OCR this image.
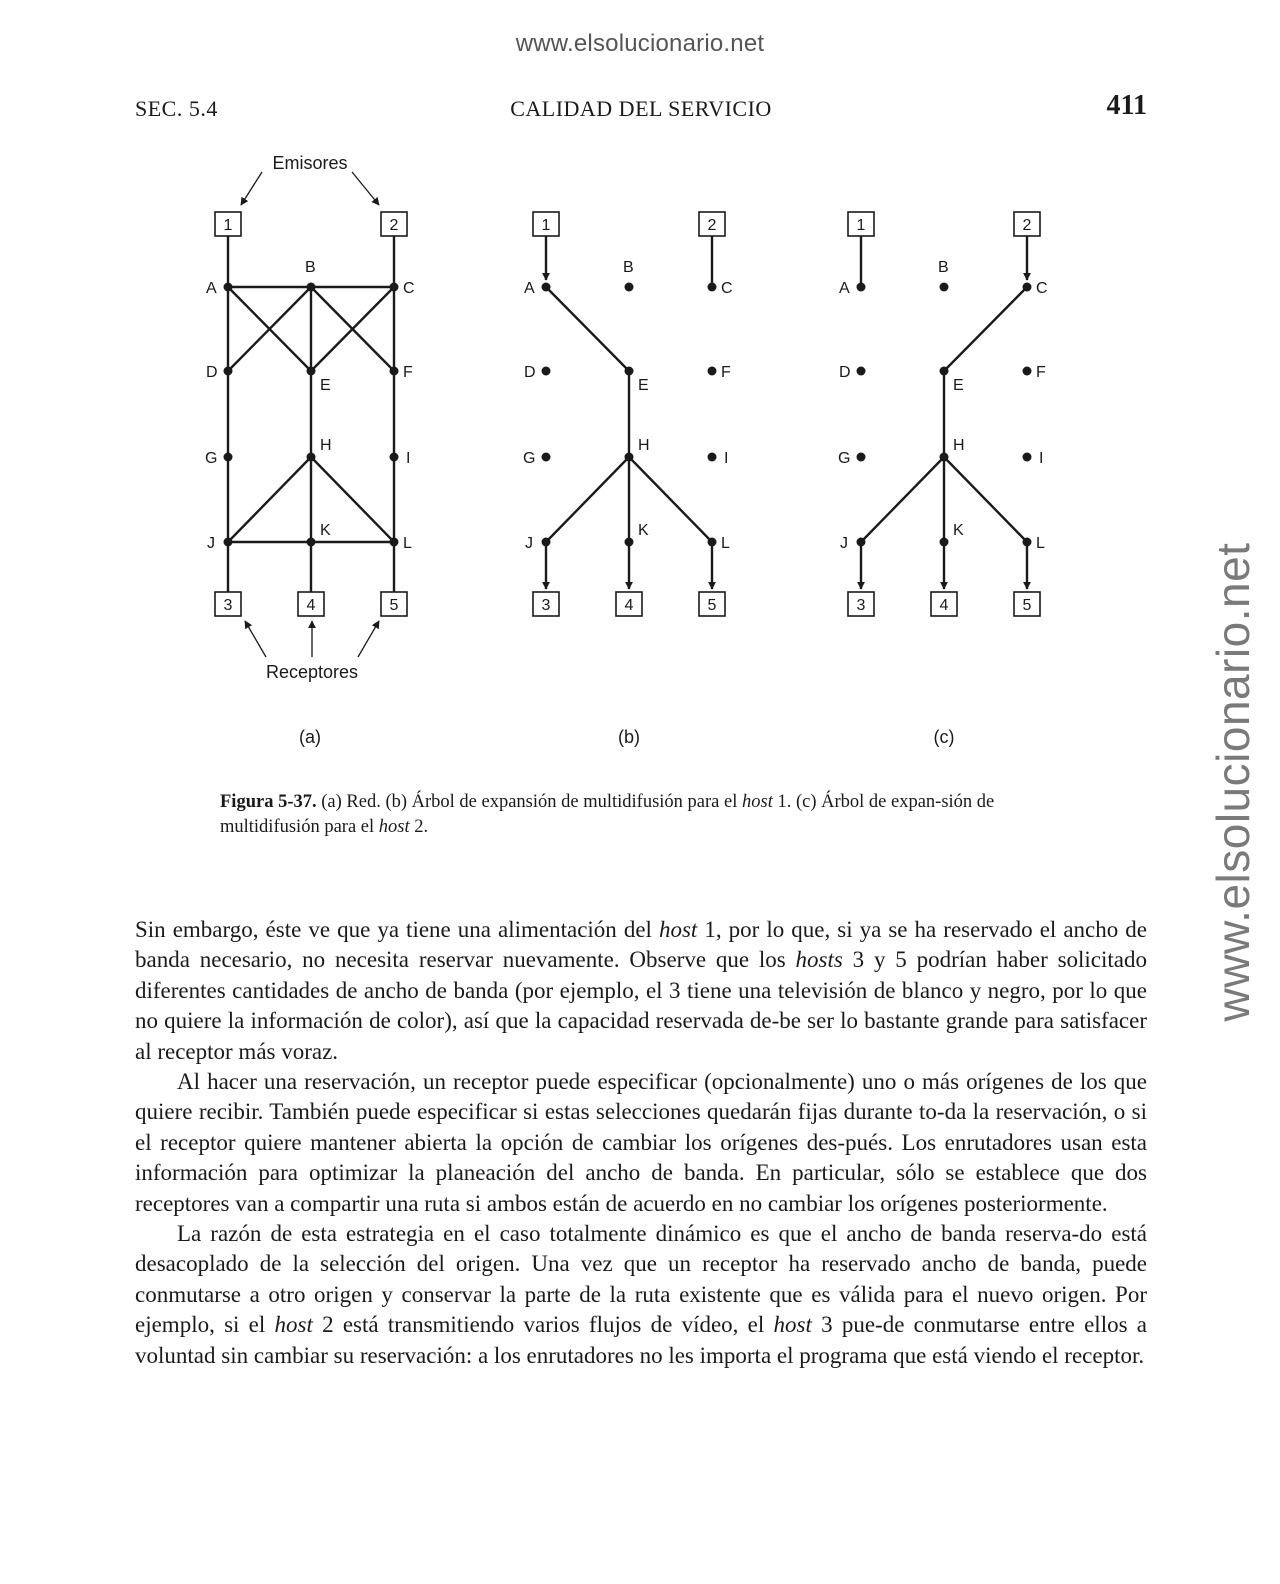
www.elsolucionario.net
www.elsolucionario.net
SEC. 5.4	CALIDAD DEL SERVICIO	411
1	2
3	4	5
A
B
C
D
E
F
G
H
I
J
K
L
Emisores
Receptores
(a)
1	2
3	4	5
A
B
C
D
E
F
G
H
I
J
K
L
(b)
1	2
3	4	5
A
B
C
D
E
F
G
H
I
J
K
L
(c)
Figura 5-37. (a) Red. (b) Árbol de expansión de multidifusión para el host 1. (c) Árbol de expan-sión de multidifusión para el host 2.

Sin embargo, éste ve que ya tiene una alimentación del host 1, por lo que, si ya se ha reservado el ancho de banda necesario, no necesita reservar nuevamente. Observe que los hosts 3 y 5 podrían haber solicitado diferentes cantidades de ancho de banda (por ejemplo, el 3 tiene una televisión de blanco y negro, por lo que no quiere la información de color), así que la capacidad reservada de-be ser lo bastante grande para satisfacer al receptor más voraz.

Al hacer una reservación, un receptor puede especificar (opcionalmente) uno o más orígenes de los que quiere recibir. También puede especificar si estas selecciones quedarán fijas durante to-da la reservación, o si el receptor quiere mantener abierta la opción de cambiar los orígenes des-pués. Los enrutadores usan esta información para optimizar la planeación del ancho de banda. En particular, sólo se establece que dos receptores van a compartir una ruta si ambos están de acuerdo en no cambiar los orígenes posteriormente.

La razón de esta estrategia en el caso totalmente dinámico es que el ancho de banda reserva-do está desacoplado de la selección del origen. Una vez que un receptor ha reservado ancho de banda, puede conmutarse a otro origen y conservar la parte de la ruta existente que es válida para el nuevo origen. Por ejemplo, si el host 2 está transmitiendo varios flujos de vídeo, el host 3 pue-de conmutarse entre ellos a voluntad sin cambiar su reservación: a los enrutadores no les importa el programa que está viendo el receptor.
